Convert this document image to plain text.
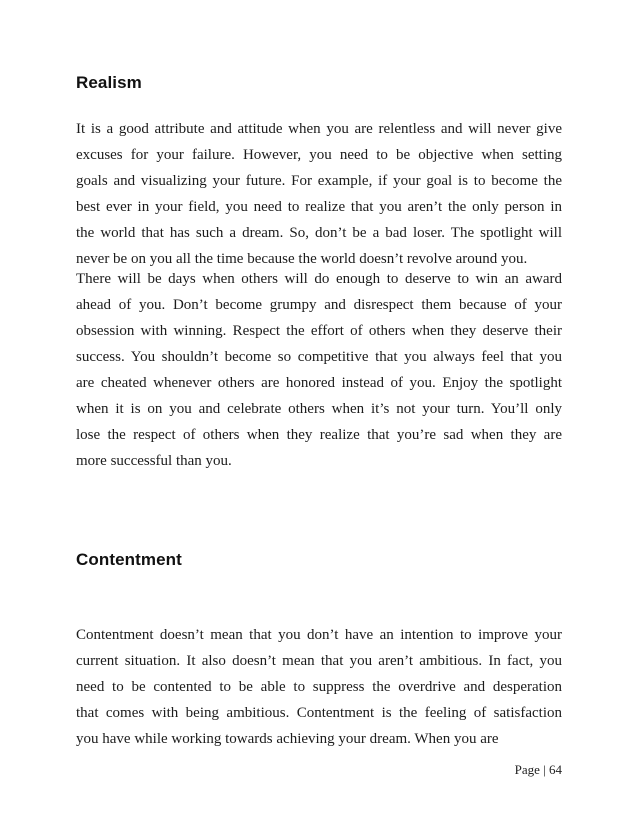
Realism
It is a good attribute and attitude when you are relentless and will never give
excuses for your failure. However, you need to be objective when setting
goals and visualizing your future. For example, if your goal is to become the
best ever in your field, you need to realize that you aren’t the only person in
the world that has such a dream. So, don’t be a bad loser. The spotlight will
never be on you all the time because the world doesn’t revolve around you.
There will be days when others will do enough to deserve to win an award
ahead of you. Don’t become grumpy and disrespect them because of your
obsession with winning. Respect the effort of others when they deserve their
success. You shouldn’t become so competitive that you always feel that you
are cheated whenever others are honored instead of you. Enjoy the spotlight
when it is on you and celebrate others when it’s not your turn. You’ll only
lose the respect of others when they realize that you’re sad when they are
more successful than you.
Contentment
Contentment doesn’t mean that you don’t have an intention to improve your
current situation. It also doesn’t mean that you aren’t ambitious. In fact, you
need to be contented to be able to suppress the overdrive and desperation
that comes with being ambitious. Contentment is the feeling of satisfaction
you have while working towards achieving your dream. When you are

Page | 64
